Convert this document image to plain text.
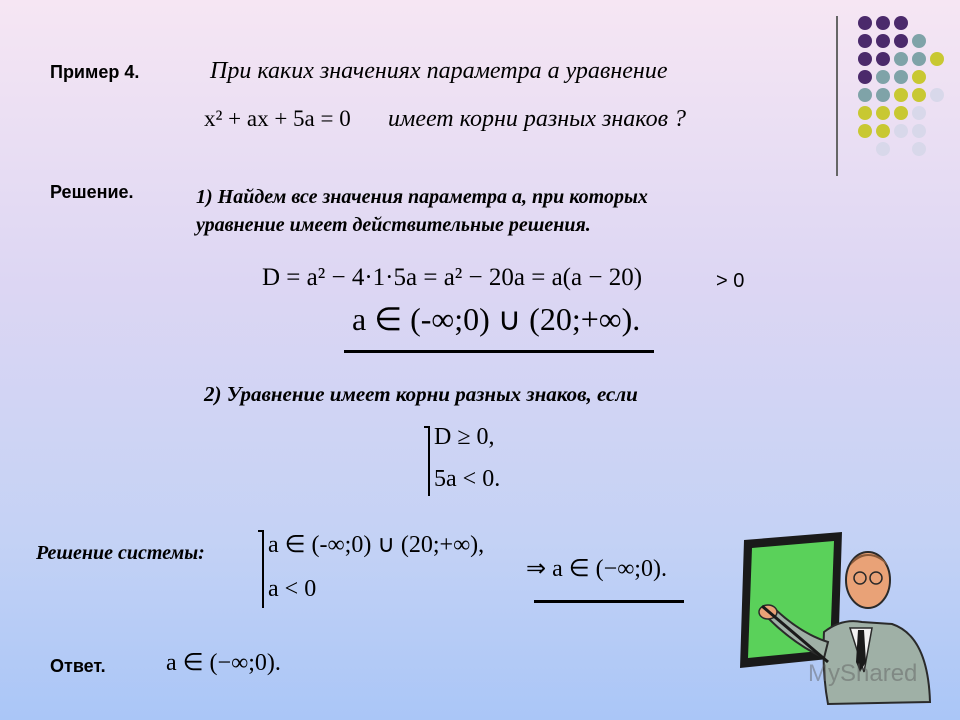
Пример 4.	При каких значениях параметра а уравнение
x² + ax + 5a = 0 имеет корни разных знаков ?
Решение.	1) Найдем все значения параметра а, при которых
уравнение имеет действительные решения.
D = a² − 4·1·5a = a² − 20a = a(a − 20)	> 0
a ∈ (-∞;0) ∪ (20;+∞).
2) Уравнение имеет корни разных знаков, если
D ≥ 0,
5a < 0.
Решение системы:	a ∈ (-∞;0) ∪ (20;+∞),
a < 0
⇒ a ∈ (−∞;0).
Ответ.	a ∈ (−∞;0).	MyShared
